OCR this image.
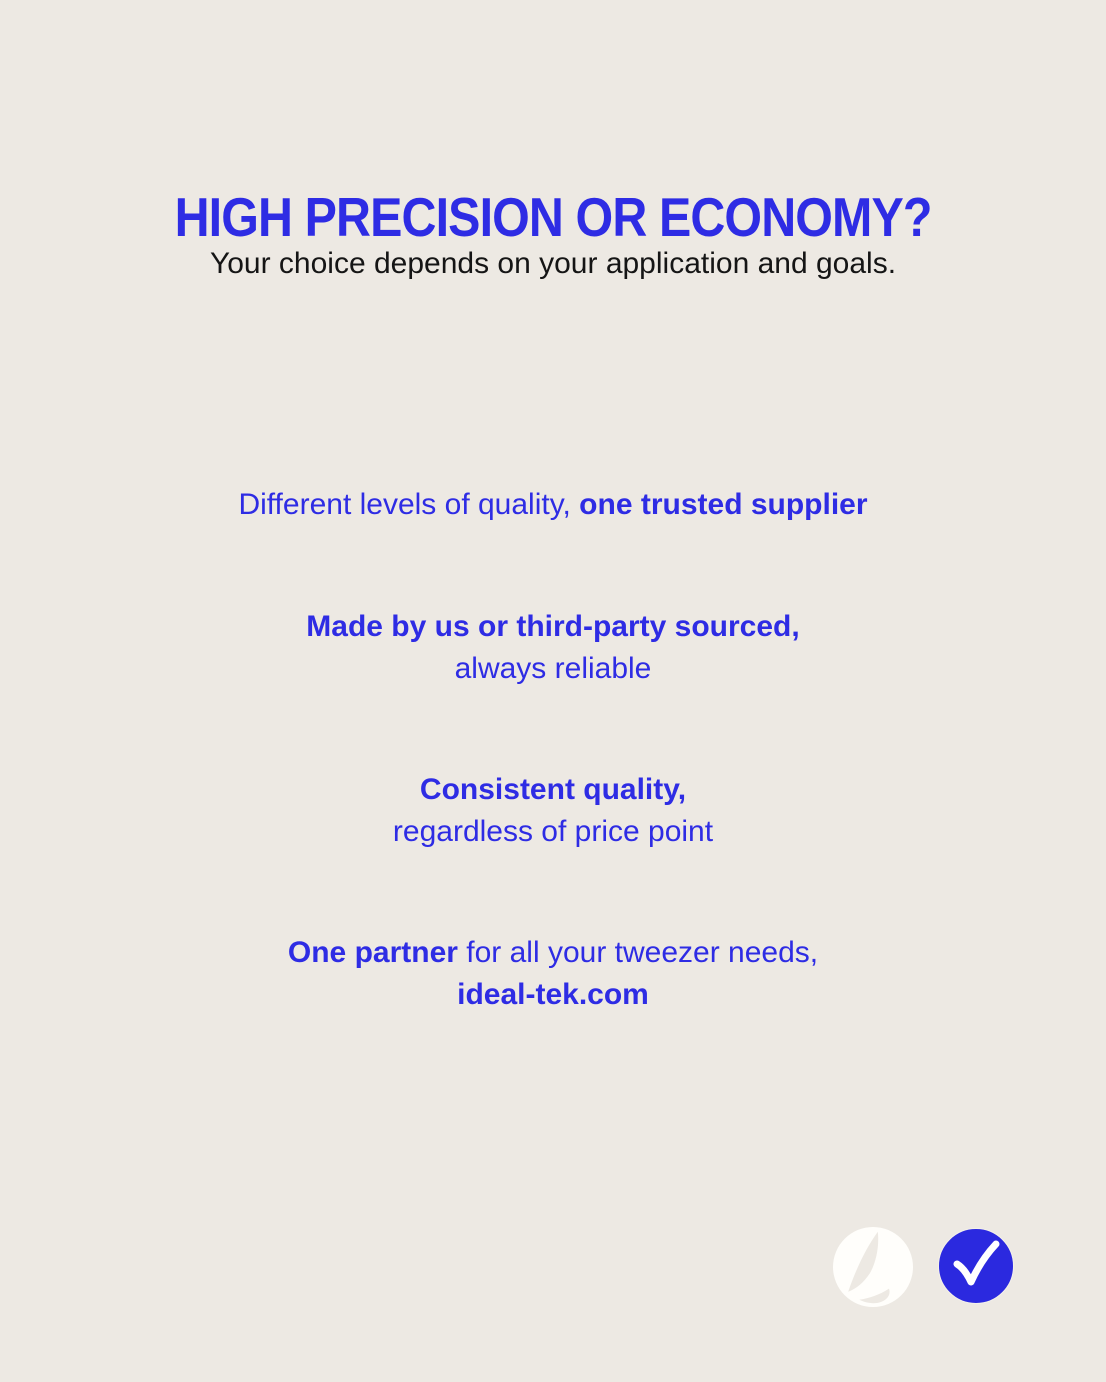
HIGH PRECISION OR ECONOMY?
Your choice depends on your application and goals.
Different levels of quality, one trusted supplier
Made by us or third-party sourced,
always reliable
Consistent quality,
regardless of price point
One partner for all your tweezer needs,
ideal-tek.com
